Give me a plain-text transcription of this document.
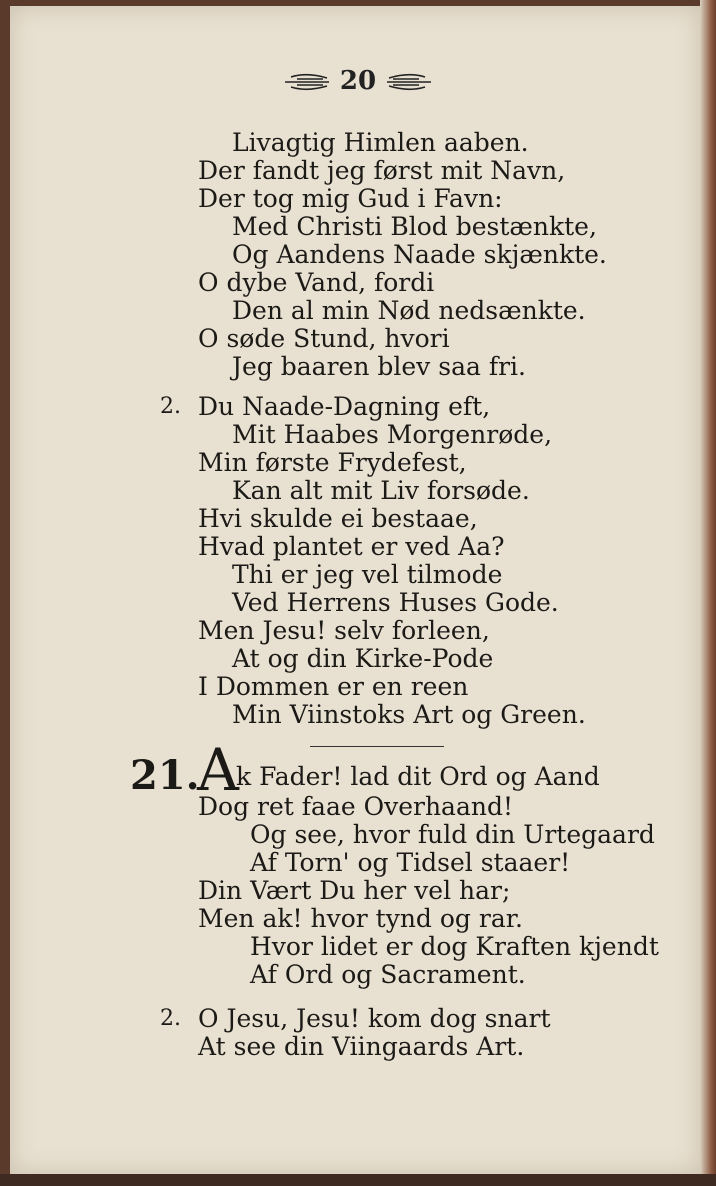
20
Livagtig Himlen aaben.
Der fandt jeg først mit Navn,
Der tog mig Gud i Favn:
Med Christi Blod bestænkte,
Og Aandens Naade skjænkte.
O dybe Vand, fordi
Den al min Nød nedsænkte.
O søde Stund, hvori
Jeg baaren blev saa fri.
2. Du Naade-Dagning eft,
Mit Haabes Morgenrøde,
Min første Frydefest,
Kan alt mit Liv forsøde.
Hvi skulde ei bestaae,
Hvad plantet er ved Aa?
Thi er jeg vel tilmode
Ved Herrens Huses Gode.
Men Jesu! selv forleen,
At og din Kirke-Pode
I Dommen er en reen
Min Viinstoks Art og Green.
21.
A
k Fader! lad dit Ord og Aand
Dog ret faae Overhaand!
Og see, hvor fuld din Urtegaard
Af Torn' og Tidsel staaer!
Din Vært Du her vel har;
Men ak! hvor tynd og rar.
Hvor lidet er dog Kraften kjendt
Af Ord og Sacrament.
2. O Jesu, Jesu! kom dog snart
At see din Viingaards Art.
